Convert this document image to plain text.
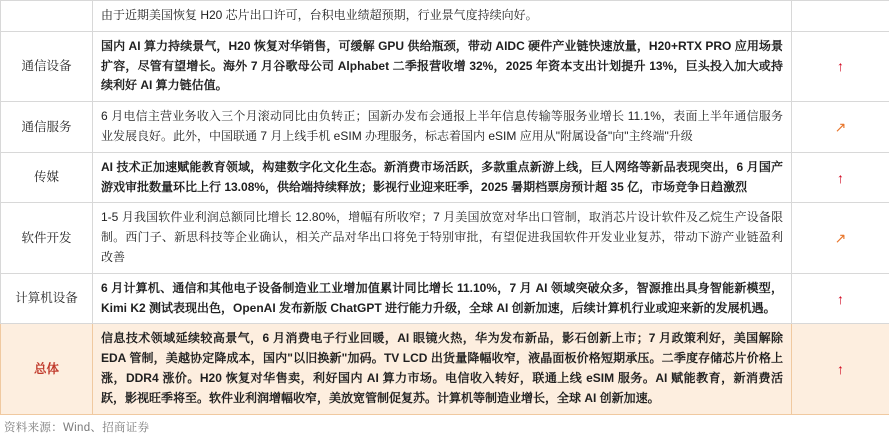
	由于近期美国恢复 H20 芯片出口许可，台积电业绩超预期，行业景气度持续向好。	
通信设备	国内 AI 算力持续景气，H20 恢复对华销售，可缓解 GPU 供给瓶颈，带动 AIDC 硬件产业链快速放量，H20+RTX PRO 应用场景扩容，尽管有望增长。海外 7 月谷歌母公司 Alphabet 二季报营收增 32%，2025 年资本支出计划提升 13%，巨头投入加大或持续利好 AI 算力链估值。	↑
通信服务	6 月电信主营业务收入三个月滚动同比由负转正；国新办发布会通报上半年信息传输等服务业增长 11.1%，表面上半年通信服务业发展良好。此外，中国联通 7 月上线手机 eSIM 办理服务，标志着国内 eSIM 应用从"附属设备"向"主终端"升级	↗
传媒	AI 技术正加速赋能教育领域，构建数字化文化生态。新消费市场活跃，多款重点新游上线，巨人网络等新品表现突出，6 月国产游戏审批数量环比上行 13.08%，供给端持续释放；影视行业迎来旺季，2025 暑期档票房预计超 35 亿，市场竞争日趋激烈	↑
软件开发	1-5 月我国软件业利润总额同比增长 12.80%，增幅有所收窄；7 月美国放宽对华出口管制，取消芯片设计软件及乙烷生产设备限制。西门子、新思科技等企业确认，相关产品对华出口将免于特别审批，有望促进我国软件开发业业复苏，带动下游产业链盈利改善	↗
计算机设备	6 月计算机、通信和其他电子设备制造业工业增加值累计同比增长 11.10%，7 月 AI 领域突破众多，智源推出具身智能新模型，Kimi K2 测试表现出色，OpenAI 发布新版 ChatGPT 进行能力升级，全球 AI 创新加速，后续计算机行业或迎来新的发展机遇。	↑
总体	信息技术领域延续较高景气，6 月消费电子行业回暖，AI 眼镜火热，华为发布新品，影石创新上市；7 月政策利好，美国解除 EDA 管制，美越协定降成本，国内"以旧换新"加码。TV LCD 出货量降幅收窄，液晶面板价格短期承压。二季度存储芯片价格上涨，DDR4 涨价。H20 恢复对华售卖，利好国内 AI 算力市场。电信收入转好，联通上线 eSIM 服务。AI 赋能教育，新消费活跃，影视旺季将至。软件业利润增幅收窄，美放宽管制促复苏。计算机等制造业增长，全球 AI 创新加速。	↑
资料来源：Wind、招商证券
